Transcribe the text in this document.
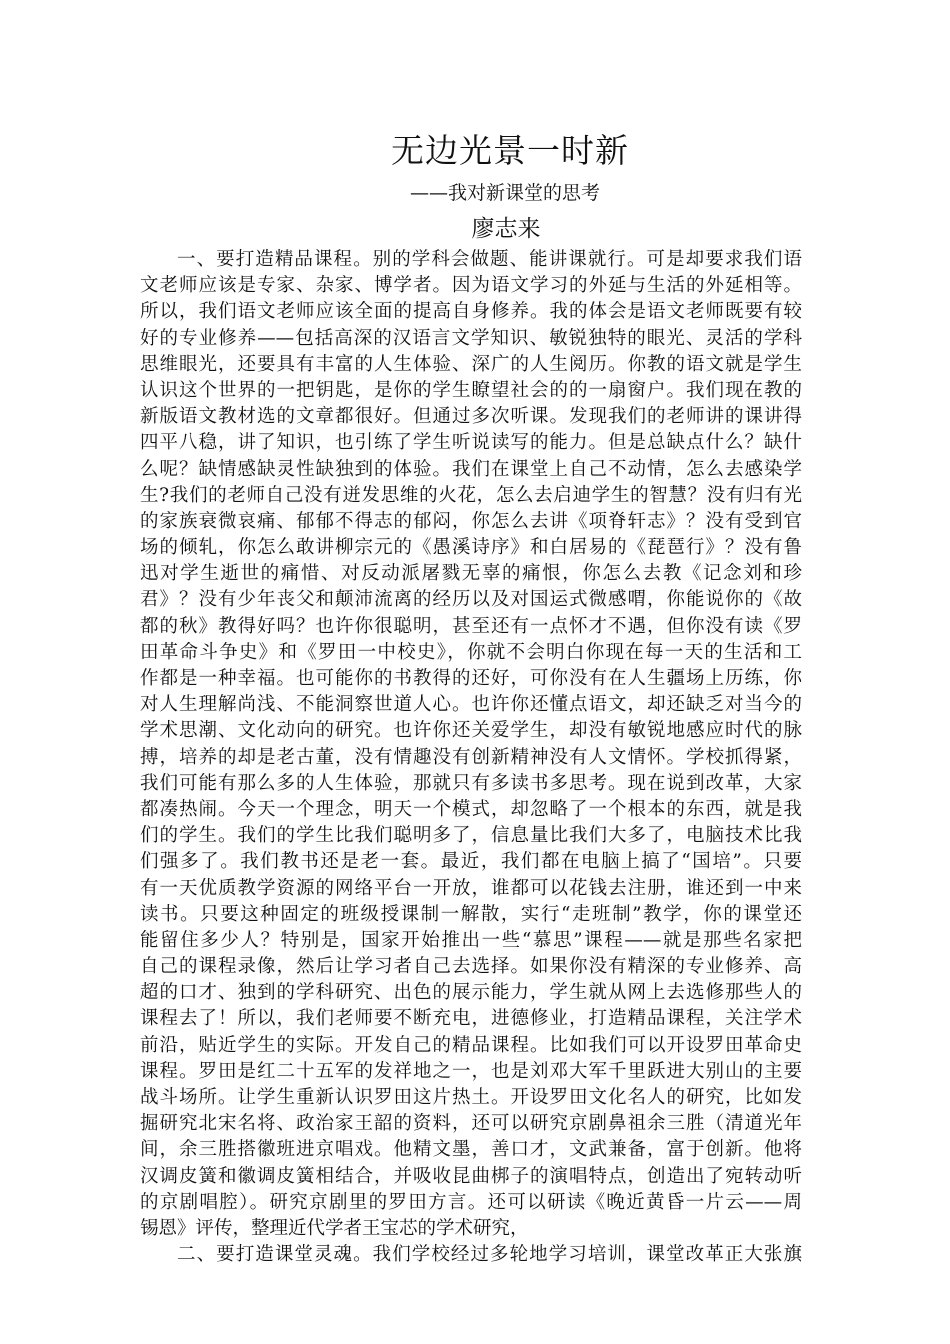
无边光景一时新
——我对新课堂的思考
廖志来
一、要打造精品课程。别的学科会做题、能讲课就行。可是却要求我们语
文老师应该是专家、杂家、博学者。因为语文学习的外延与生活的外延相等。
所以，我们语文老师应该全面的提高自身修养。我的体会是语文老师既要有较
好的专业修养——包括高深的汉语言文学知识、敏锐独特的眼光、灵活的学科
思维眼光，还要具有丰富的人生体验、深广的人生阅历。你教的语文就是学生
认识这个世界的一把钥匙，是你的学生瞭望社会的的一扇窗户。我们现在教的
新版语文教材选的文章都很好。但通过多次听课。发现我们的老师讲的课讲得
四平八稳，讲了知识，也引练了学生听说读写的能力。但是总缺点什么？缺什
么呢？缺情感缺灵性缺独到的体验。我们在课堂上自己不动情，怎么去感染学
生?我们的老师自己没有迸发思维的火花，怎么去启迪学生的智慧？没有归有光
的家族衰微哀痛、郁郁不得志的郁闷，你怎么去讲《项脊轩志》？没有受到官
场的倾轧，你怎么敢讲柳宗元的《愚溪诗序》和白居易的《琵琶行》？没有鲁
迅对学生逝世的痛惜、对反动派屠戮无辜的痛恨，你怎么去教《记念刘和珍
君》？没有少年丧父和颠沛流离的经历以及对国运式微感喟，你能说你的《故
都的秋》教得好吗？也许你很聪明，甚至还有一点怀才不遇，但你没有读《罗
田革命斗争史》和《罗田一中校史》，你就不会明白你现在每一天的生活和工
作都是一种幸福。也可能你的书教得的还好，可你没有在人生疆场上历练，你
对人生理解尚浅、不能洞察世道人心。也许你还懂点语文，却还缺乏对当今的
学术思潮、文化动向的研究。也许你还关爱学生，却没有敏锐地感应时代的脉
搏，培养的却是老古董，没有情趣没有创新精神没有人文情怀。学校抓得紧，
我们可能有那么多的人生体验，那就只有多读书多思考。现在说到改革，大家
都凑热闹。今天一个理念，明天一个模式，却忽略了一个根本的东西，就是我
们的学生。我们的学生比我们聪明多了，信息量比我们大多了，电脑技术比我
们强多了。我们教书还是老一套。最近，我们都在电脑上搞了“国培”。只要
有一天优质教学资源的网络平台一开放，谁都可以花钱去注册，谁还到一中来
读书。只要这种固定的班级授课制一解散，实行“走班制”教学，你的课堂还
能留住多少人？特别是，国家开始推出一些“慕思”课程——就是那些名家把
自己的课程录像，然后让学习者自己去选择。如果你没有精深的专业修养、高
超的口才、独到的学科研究、出色的展示能力，学生就从网上去选修那些人的
课程去了！所以，我们老师要不断充电，进德修业，打造精品课程，关注学术
前沿，贴近学生的实际。开发自己的精品课程。比如我们可以开设罗田革命史
课程。罗田是红二十五军的发祥地之一，也是刘邓大军千里跃进大别山的主要
战斗场所。让学生重新认识罗田这片热土。开设罗田文化名人的研究，比如发
掘研究北宋名将、政治家王韶的资料，还可以研究京剧鼻祖余三胜（清道光年
间，余三胜搭徽班进京唱戏。他精文墨，善口才，文武兼备，富于创新。他将
汉调皮簧和徽调皮簧相结合，并吸收昆曲梆子的演唱特点，创造出了宛转动听
的京剧唱腔）。研究京剧里的罗田方言。还可以研读《晚近黄昏一片云——周
锡恩》评传，整理近代学者王宝芯的学术研究，
二、要打造课堂灵魂。我们学校经过多轮地学习培训，课堂改革正大张旗
